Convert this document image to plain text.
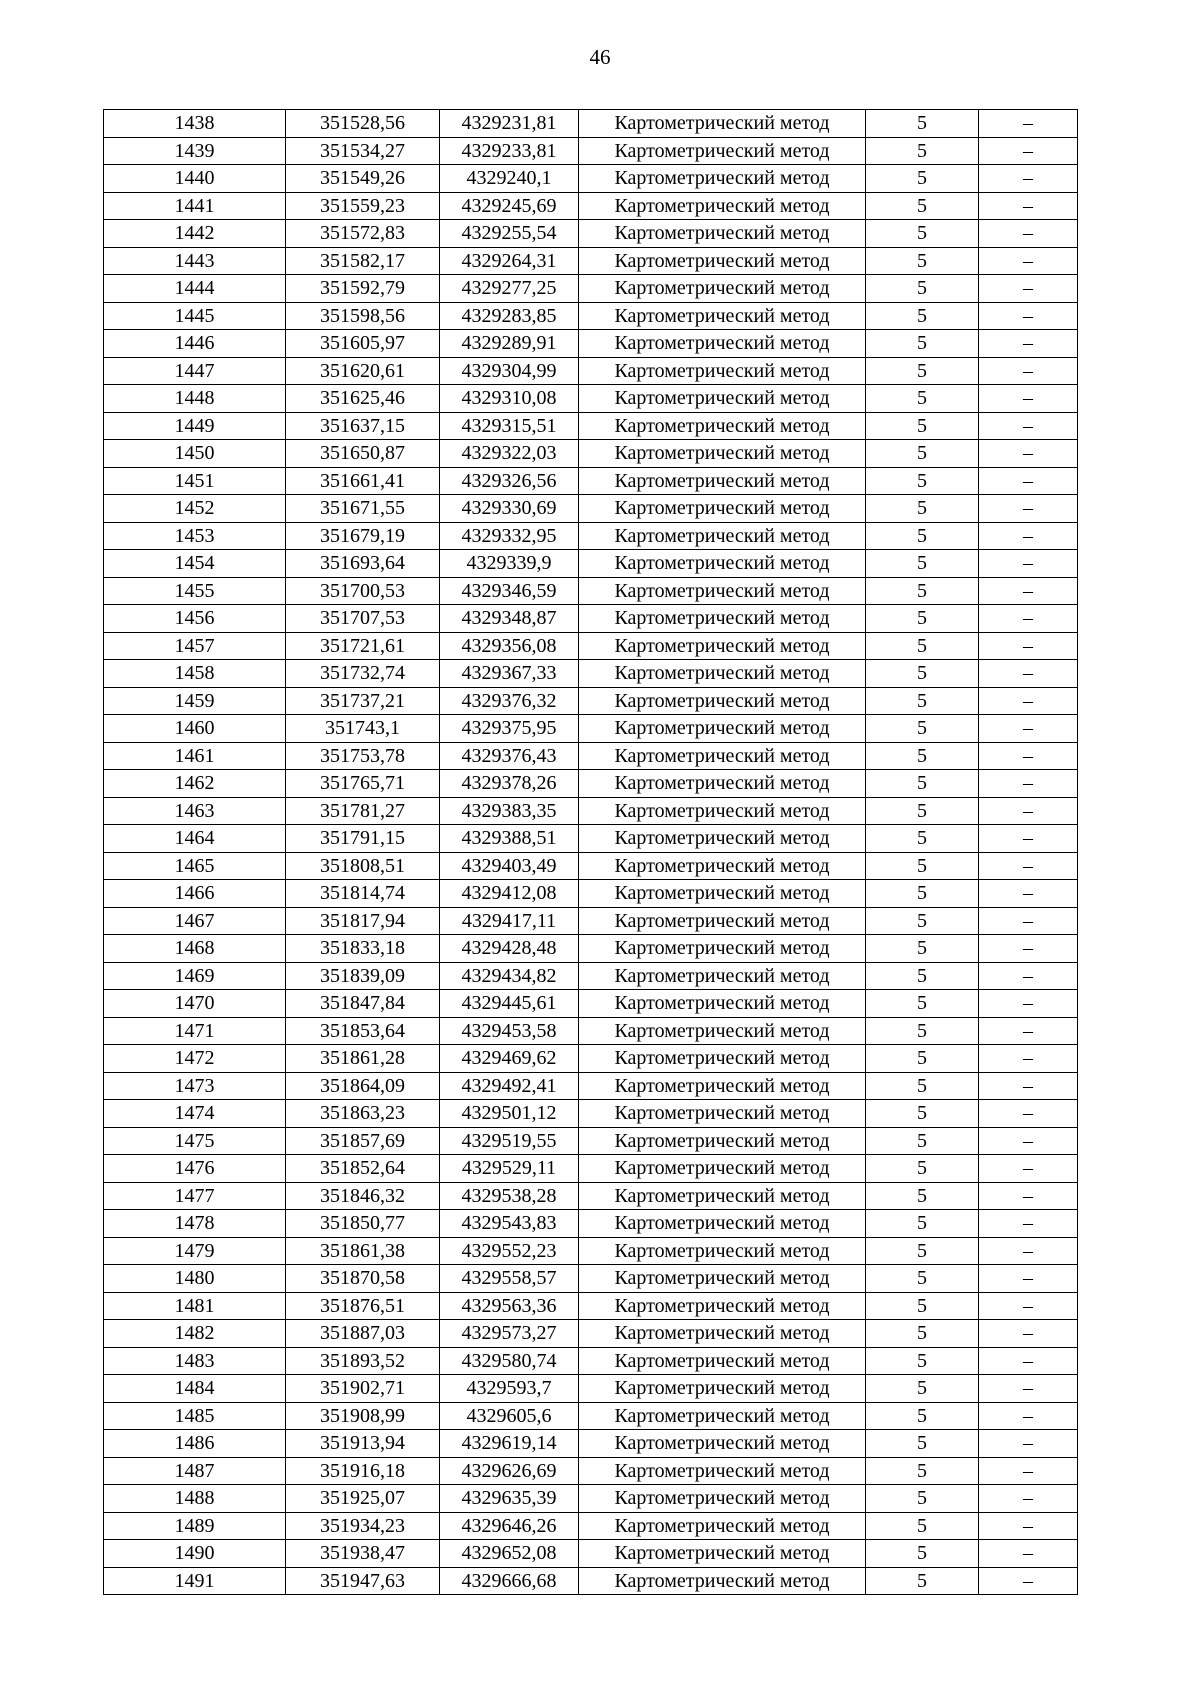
46
1438	351528,56	4329231,81	Картометрический метод	5	–
1439	351534,27	4329233,81	Картометрический метод	5	–
1440	351549,26	4329240,1	Картометрический метод	5	–
1441	351559,23	4329245,69	Картометрический метод	5	–
1442	351572,83	4329255,54	Картометрический метод	5	–
1443	351582,17	4329264,31	Картометрический метод	5	–
1444	351592,79	4329277,25	Картометрический метод	5	–
1445	351598,56	4329283,85	Картометрический метод	5	–
1446	351605,97	4329289,91	Картометрический метод	5	–
1447	351620,61	4329304,99	Картометрический метод	5	–
1448	351625,46	4329310,08	Картометрический метод	5	–
1449	351637,15	4329315,51	Картометрический метод	5	–
1450	351650,87	4329322,03	Картометрический метод	5	–
1451	351661,41	4329326,56	Картометрический метод	5	–
1452	351671,55	4329330,69	Картометрический метод	5	–
1453	351679,19	4329332,95	Картометрический метод	5	–
1454	351693,64	4329339,9	Картометрический метод	5	–
1455	351700,53	4329346,59	Картометрический метод	5	–
1456	351707,53	4329348,87	Картометрический метод	5	–
1457	351721,61	4329356,08	Картометрический метод	5	–
1458	351732,74	4329367,33	Картометрический метод	5	–
1459	351737,21	4329376,32	Картометрический метод	5	–
1460	351743,1	4329375,95	Картометрический метод	5	–
1461	351753,78	4329376,43	Картометрический метод	5	–
1462	351765,71	4329378,26	Картометрический метод	5	–
1463	351781,27	4329383,35	Картометрический метод	5	–
1464	351791,15	4329388,51	Картометрический метод	5	–
1465	351808,51	4329403,49	Картометрический метод	5	–
1466	351814,74	4329412,08	Картометрический метод	5	–
1467	351817,94	4329417,11	Картометрический метод	5	–
1468	351833,18	4329428,48	Картометрический метод	5	–
1469	351839,09	4329434,82	Картометрический метод	5	–
1470	351847,84	4329445,61	Картометрический метод	5	–
1471	351853,64	4329453,58	Картометрический метод	5	–
1472	351861,28	4329469,62	Картометрический метод	5	–
1473	351864,09	4329492,41	Картометрический метод	5	–
1474	351863,23	4329501,12	Картометрический метод	5	–
1475	351857,69	4329519,55	Картометрический метод	5	–
1476	351852,64	4329529,11	Картометрический метод	5	–
1477	351846,32	4329538,28	Картометрический метод	5	–
1478	351850,77	4329543,83	Картометрический метод	5	–
1479	351861,38	4329552,23	Картометрический метод	5	–
1480	351870,58	4329558,57	Картометрический метод	5	–
1481	351876,51	4329563,36	Картометрический метод	5	–
1482	351887,03	4329573,27	Картометрический метод	5	–
1483	351893,52	4329580,74	Картометрический метод	5	–
1484	351902,71	4329593,7	Картометрический метод	5	–
1485	351908,99	4329605,6	Картометрический метод	5	–
1486	351913,94	4329619,14	Картометрический метод	5	–
1487	351916,18	4329626,69	Картометрический метод	5	–
1488	351925,07	4329635,39	Картометрический метод	5	–
1489	351934,23	4329646,26	Картометрический метод	5	–
1490	351938,47	4329652,08	Картометрический метод	5	–
1491	351947,63	4329666,68	Картометрический метод	5	–
